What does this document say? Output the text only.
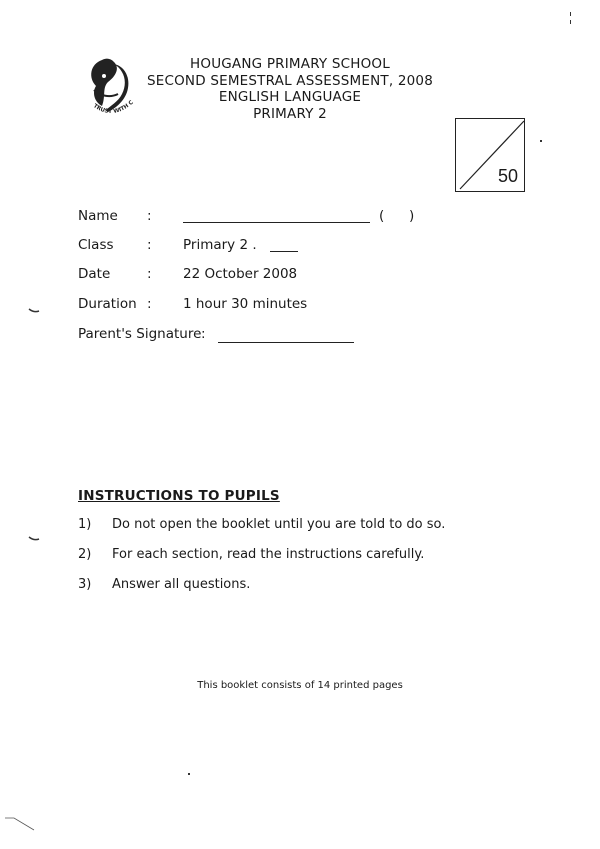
TRUST WITH C
HOUGANG PRIMARY SCHOOL
SECOND SEMESTRAL ASSESSMENT, 2008
ENGLISH LANGUAGE
PRIMARY 2
50
Name :	( )
Class : Primary 2 .
Date	: 22 October 2008
Duration : 1 hour 30 minutes
Parent's Signature :
INSTRUCTIONS TO PUPILS
1) Do not open the booklet until you are told to do so.
2) For each section, read the instructions carefully.
3) Answer all questions.
This booklet consists of 14 printed pages
